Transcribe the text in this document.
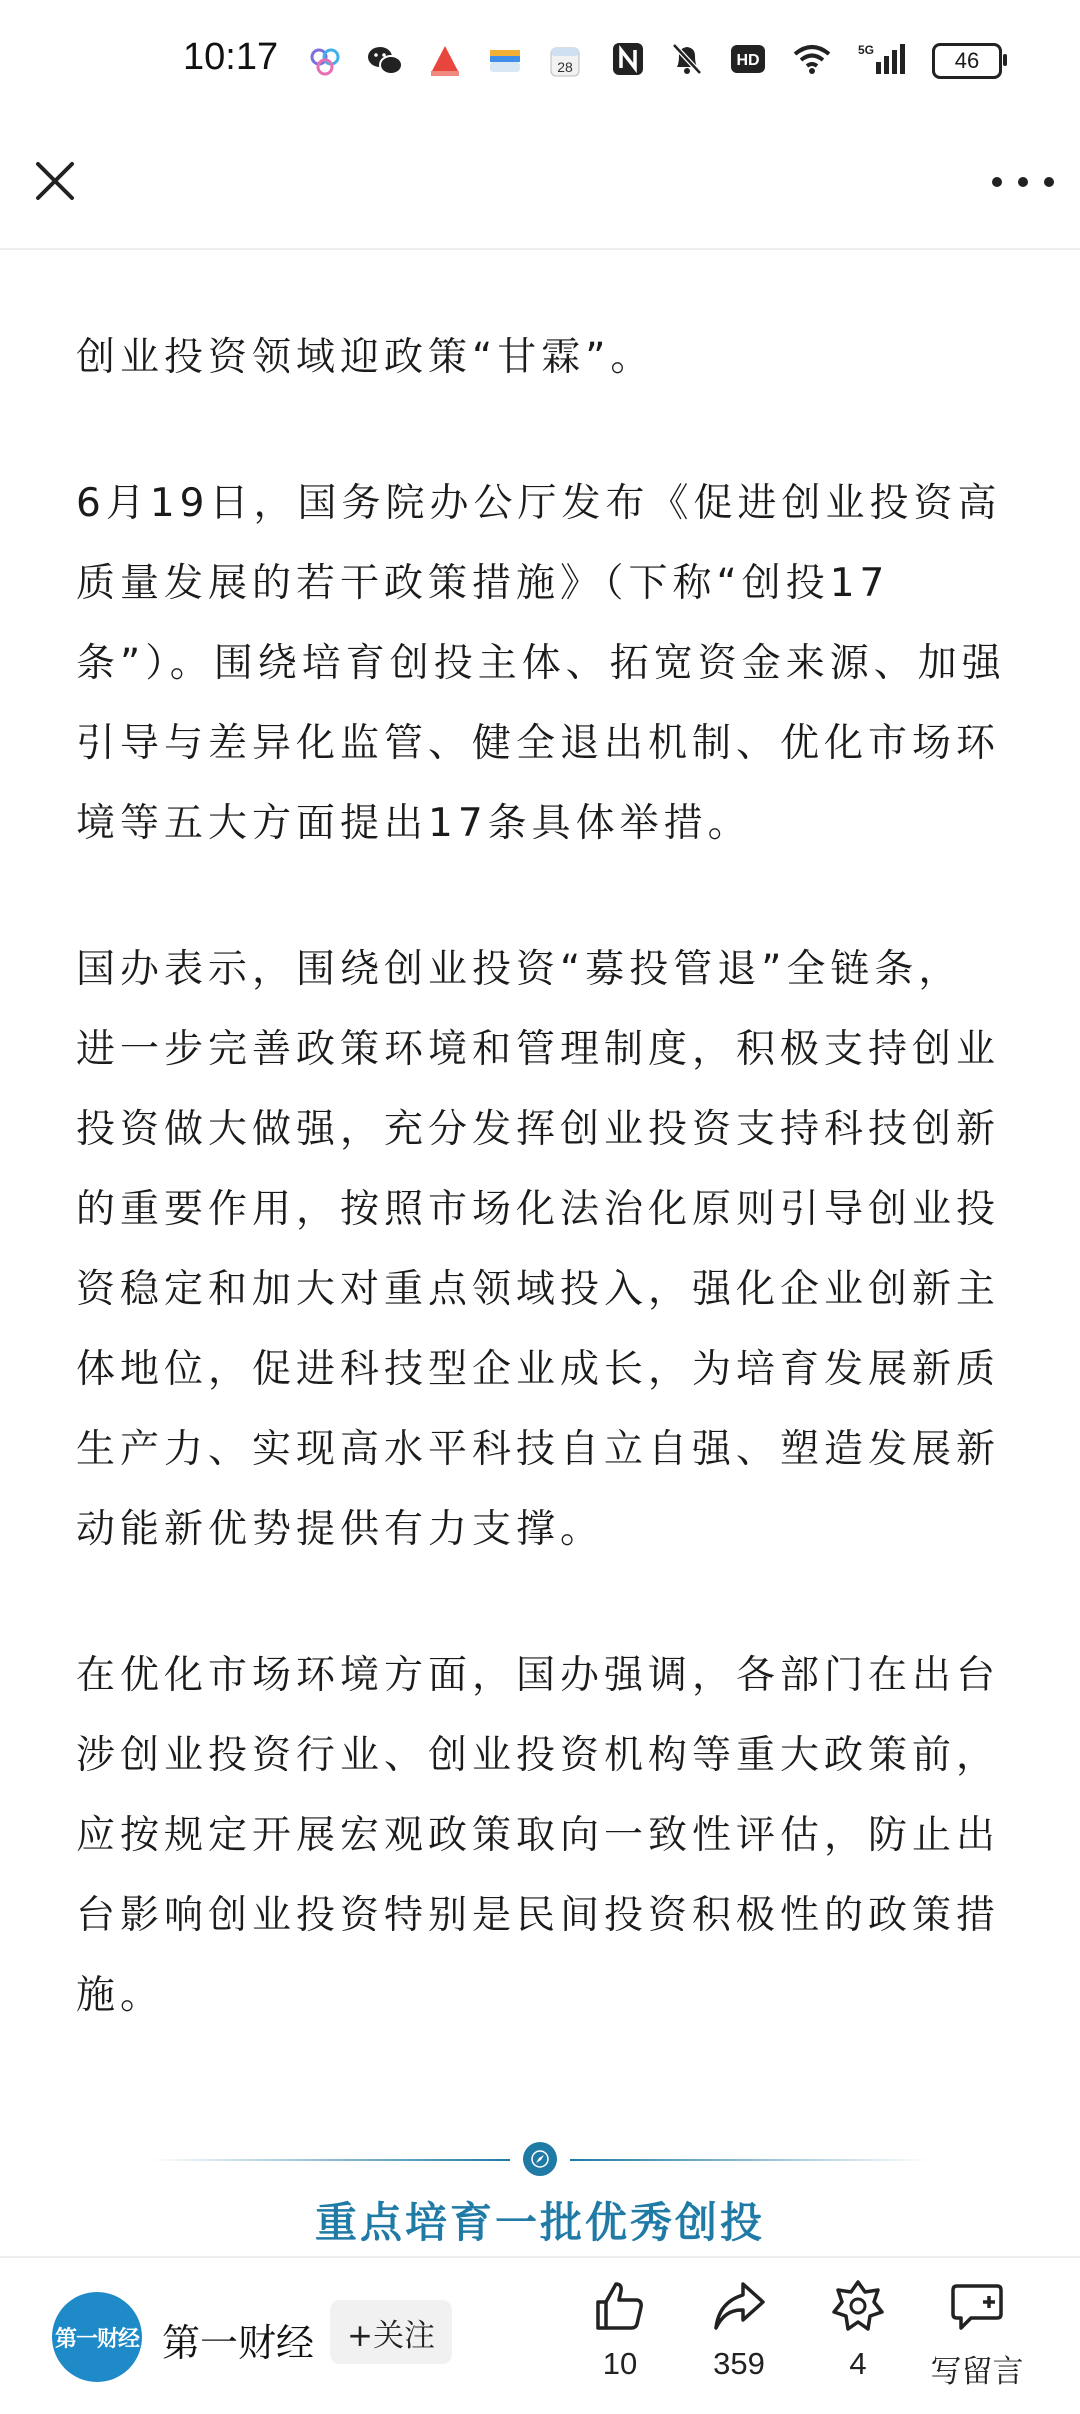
10:17	28	HD
5G	46

创业投资领域迎政策“甘霖”。

6月19日，国务院办公厅发布《促进创业投资高质量发展的若干政策措施》（下称“创投17条”）。围绕培育创投主体、拓宽资金来源、加强引导与差异化监管、健全退出机制、优化市场环境等五大方面提出17条具体举措。

国办表示，围绕创业投资“募投管退”全链条，进一步完善政策环境和管理制度，积极支持创业投资做大做强，充分发挥创业投资支持科技创新的重要作用，按照市场化法治化原则引导创业投资稳定和加大对重点领域投入，强化企业创新主体地位，促进科技型企业成长，为培育发展新质生产力、实现高水平科技自立自强、塑造发展新动能新优势提供有力支撑。

在优化市场环境方面，国办强调，各部门在出台涉创业投资行业、创业投资机构等重大政策前，应按规定开展宏观政策取向一致性评估，防止出台影响创业投资特别是民间投资积极性的政策措施。

重点培育一批优秀创投
第一财经 第一财经	+关注
10	359	4	写留言
